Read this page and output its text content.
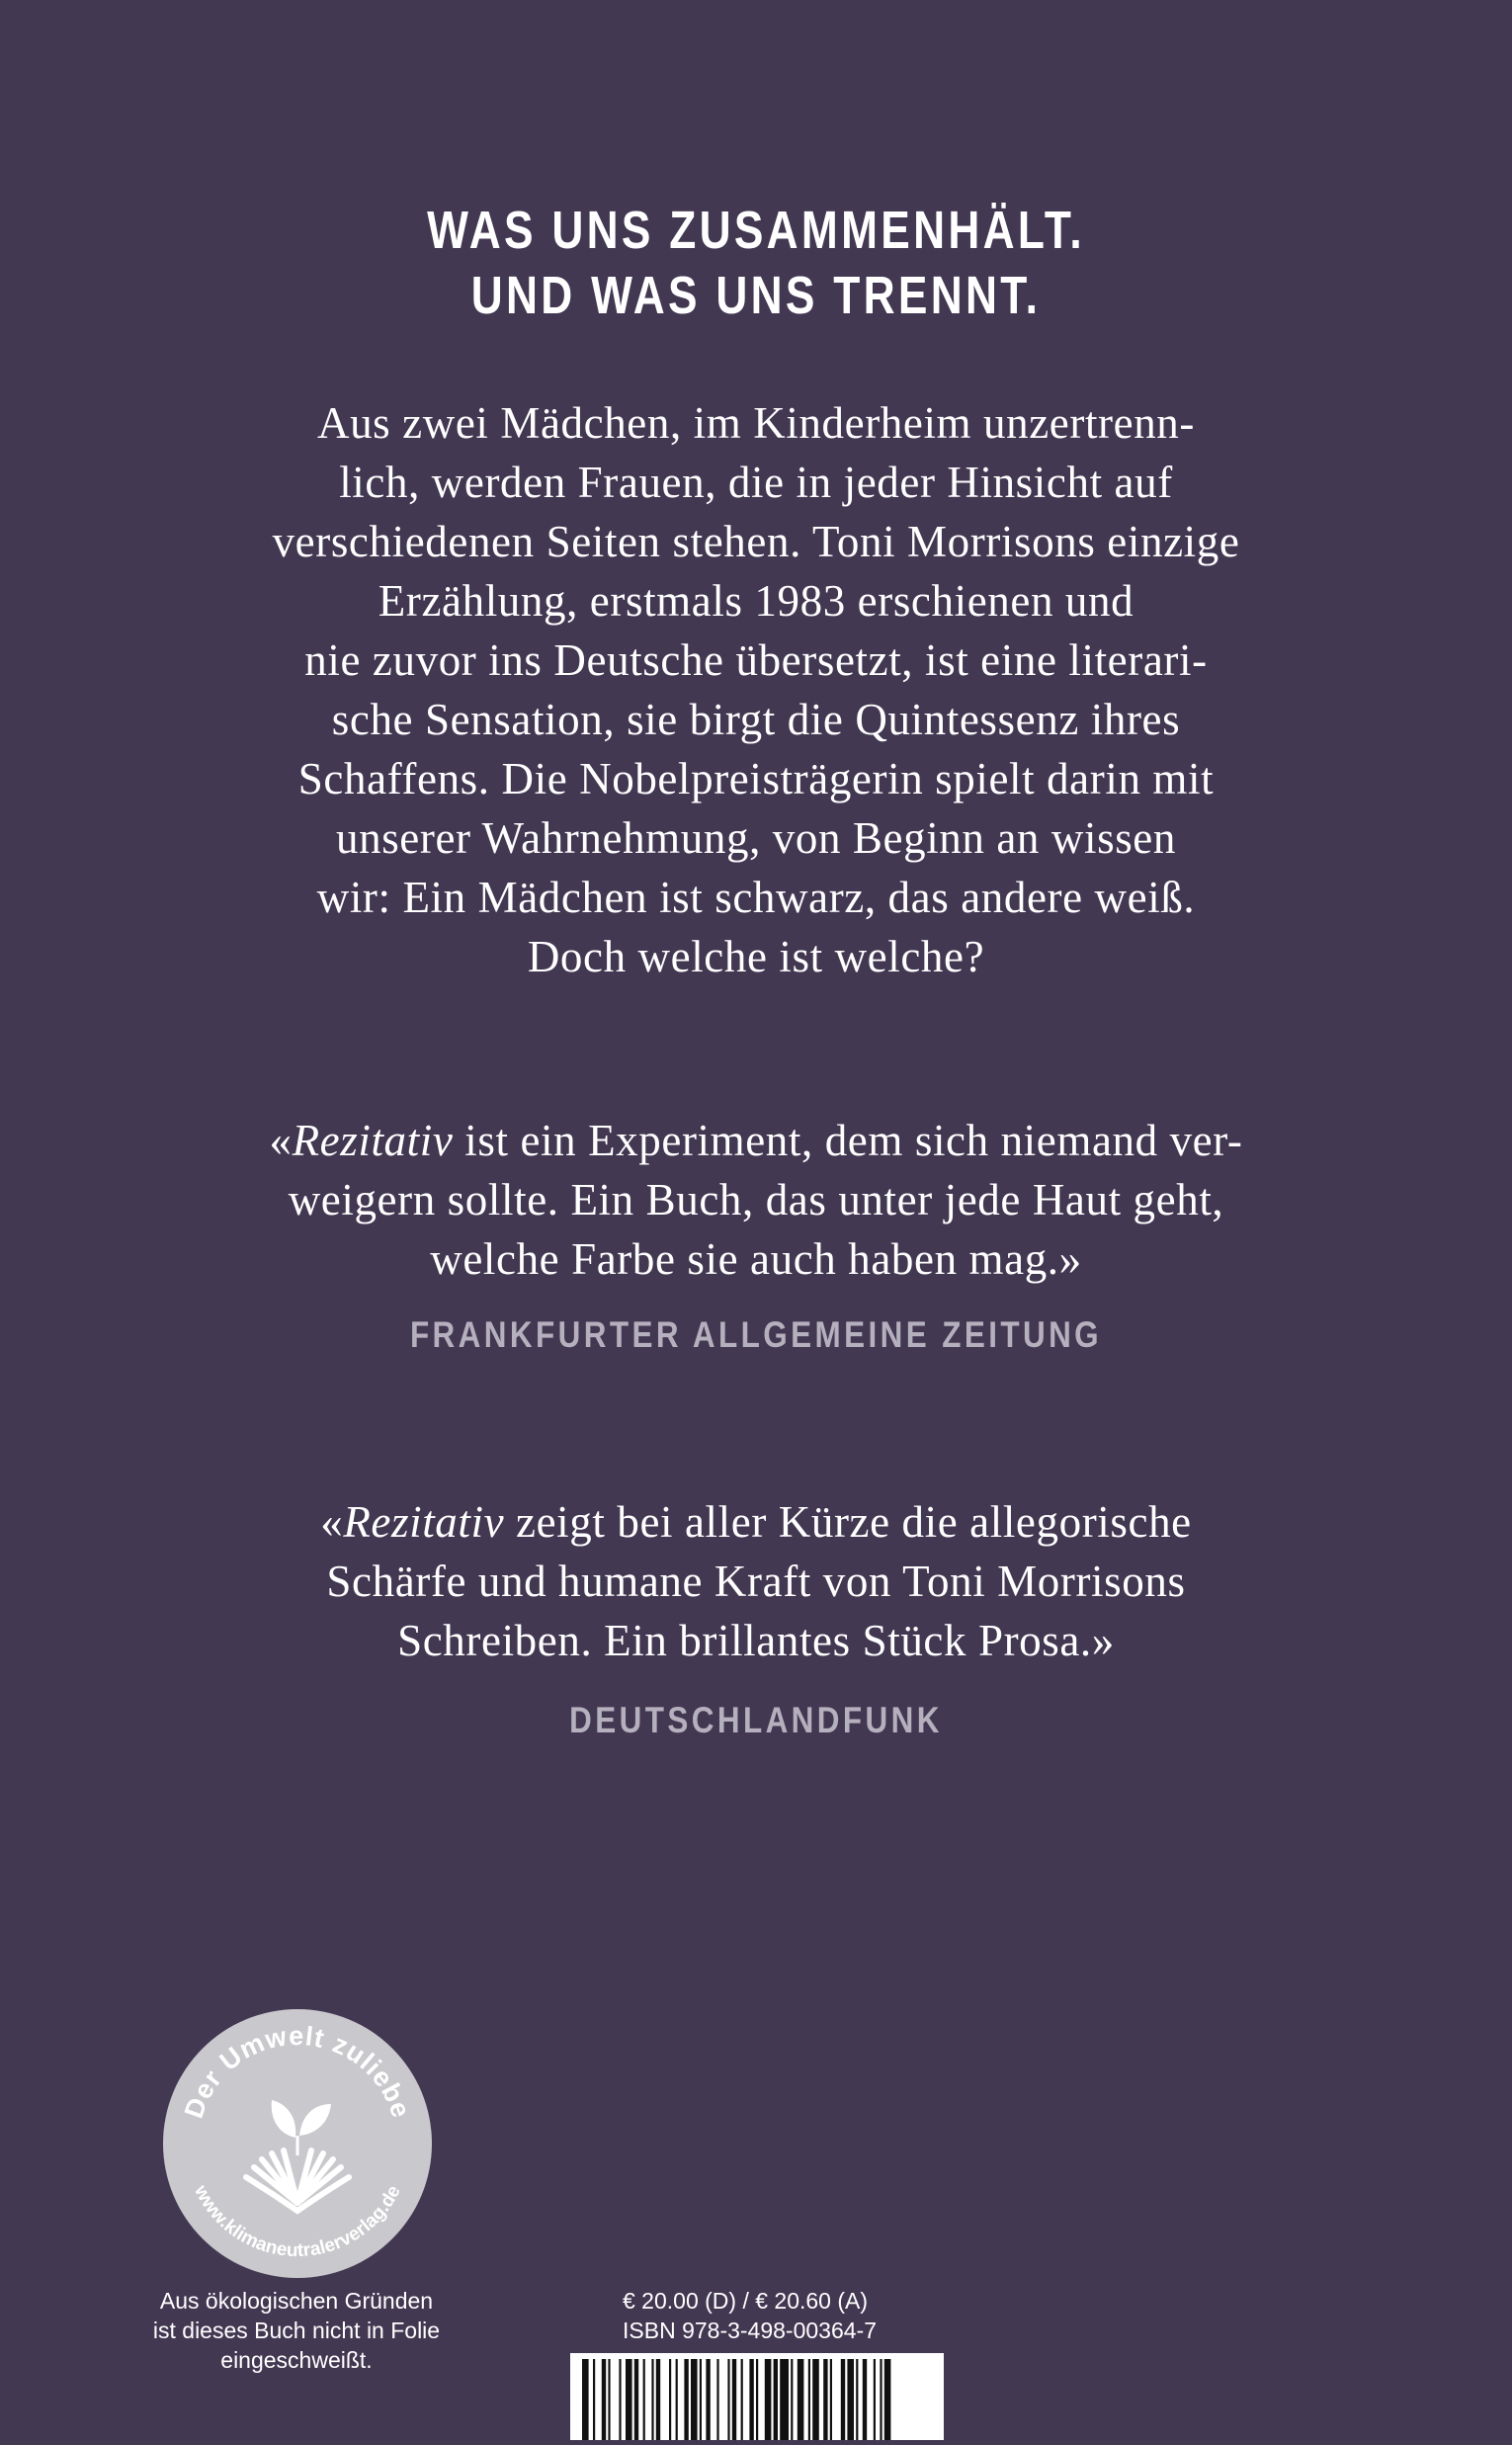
WAS UNS ZUSAMMENHÄLT.
UND WAS UNS TRENNT.
Aus zwei Mädchen, im Kinderheim unzertrenn-
lich, werden Frauen, die in jeder Hinsicht auf
verschiedenen Seiten stehen. Toni Morrisons einzige
Erzählung, erstmals 1983 erschienen und
nie zuvor ins Deutsche übersetzt, ist eine literari-
sche Sensation, sie birgt die Quintessenz ihres
Schaffens. Die Nobelpreisträgerin spielt darin mit
unserer Wahrnehmung, von Beginn an wissen
wir: Ein Mädchen ist schwarz, das andere weiß.
Doch welche ist welche?
«Rezitativ ist ein Experiment, dem sich niemand ver-
weigern sollte. Ein Buch, das unter jede Haut geht,
welche Farbe sie auch haben mag.»
FRANKFURTER ALLGEMEINE ZEITUNG
«Rezitativ zeigt bei aller Kürze die allegorische
Schärfe und humane Kraft von Toni Morrisons
Schreiben. Ein brillantes Stück Prosa.»
DEUTSCHLANDFUNK
Der Umwelt zuliebe
www.klimaneutralerverlag.de
Aus ökologischen Gründen
ist dieses Buch nicht in Folie
eingeschweißt.
€ 20.00 (D) / € 20.60 (A)
ISBN 978-3-498-00364-7
